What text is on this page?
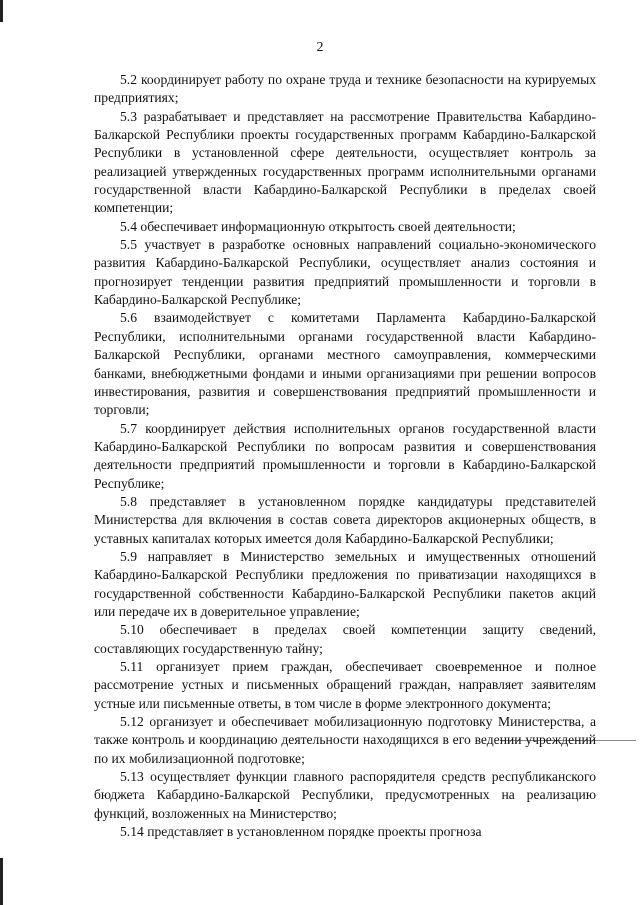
2

5.2 координирует работу по охране труда и технике безопасности на курируемых предприятиях;

5.3 разрабатывает и представляет на рассмотрение Правительства Кабардино-Балкарской Республики проекты государственных программ Кабардино-Балкарской Республики в установленной сфере деятельности, осуществляет контроль за реализацией утвержденных государственных программ исполнительными органами государственной власти Кабардино-Балкарской Республики в пределах своей компетенции;

5.4 обеспечивает информационную открытость своей деятельности;

5.5 участвует в разработке основных направлений социально-экономического развития Кабардино-Балкарской Республики, осуществляет анализ состояния и прогнозирует тенденции развития предприятий промышленности и торговли в Кабардино-Балкарской Республике;

5.6 взаимодействует с комитетами Парламента Кабардино-Балкарской Республики, исполнительными органами государственной власти Кабардино-Балкарской Республики, органами местного самоуправления, коммерческими банками, внебюджетными фондами и иными организациями при решении вопросов инвестирования, развития и совершенствования предприятий промышленности и торговли;

5.7 координирует действия исполнительных органов государственной власти Кабардино-Балкарской Республики по вопросам развития и совершенствования деятельности предприятий промышленности и торговли в Кабардино-Балкарской Республике;

5.8 представляет в установленном порядке кандидатуры представителей Министерства для включения в состав совета директоров акционерных обществ, в уставных капиталах которых имеется доля Кабардино-Балкарской Республики;

5.9 направляет в Министерство земельных и имущественных отношений Кабардино-Балкарской Республики предложения по приватизации находящихся в государственной собственности Кабардино-Балкарской Республики пакетов акций или передаче их в доверительное управление;

5.10 обеспечивает в пределах своей компетенции защиту сведений, составляющих государственную тайну;

5.11 организует прием граждан, обеспечивает своевременное и полное рассмотрение устных и письменных обращений граждан, направляет заявителям устные или письменные ответы, в том числе в форме электронного документа;

5.12 организует и обеспечивает мобилизационную подготовку Министерства, а также контроль и координацию деятельности находящихся в его ведении учреждений по их мобилизационной подготовке;

5.13 осуществляет функции главного распорядителя средств республиканского бюджета Кабардино-Балкарской Республики, предусмотренных на реализацию функций, возложенных на Министерство;

5.14 представляет в установленном порядке проекты прогноза
